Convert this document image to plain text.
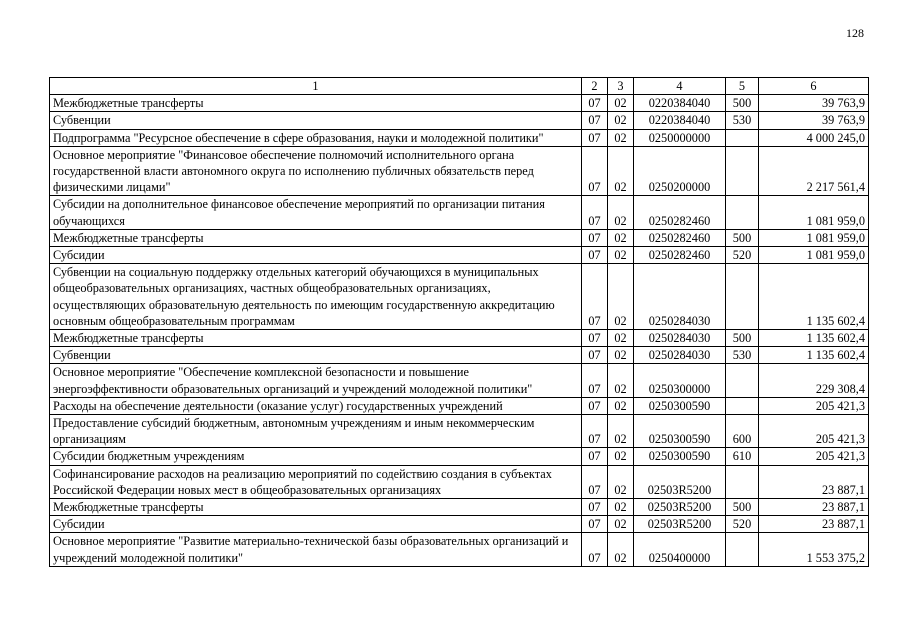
128
1	2	3	4	5	6
Межбюджетные трансферты	07	02	0220384040	500	39 763,9
Субвенции	07	02	0220384040	530	39 763,9
Подпрограмма "Ресурсное обеспечение в сфере образования, науки и молодежной политики"	07	02	0250000000		4 000 245,0
Основное мероприятие "Финансовое обеспечение полномочий исполнительного органа государственной власти автономного округа по исполнению публичных обязательств перед физическими лицами"	07	02	0250200000		2 217 561,4
Субсидии на дополнительное финансовое обеспечение мероприятий по организации питания обучающихся	07	02	0250282460		1 081 959,0
Межбюджетные трансферты	07	02	0250282460	500	1 081 959,0
Субсидии	07	02	0250282460	520	1 081 959,0
Субвенции на социальную поддержку отдельных категорий обучающихся в муниципальных общеобразовательных организациях, частных общеобразовательных организациях, осуществляющих образовательную деятельность по имеющим государственную аккредитацию основным общеобразовательным программам	07	02	0250284030		1 135 602,4
Межбюджетные трансферты	07	02	0250284030	500	1 135 602,4
Субвенции	07	02	0250284030	530	1 135 602,4
Основное мероприятие "Обеспечение комплексной безопасности и повышение энергоэффективности образовательных организаций и учреждений молодежной политики"	07	02	0250300000		229 308,4
Расходы на обеспечение деятельности (оказание услуг) государственных учреждений	07	02	0250300590		205 421,3
Предоставление субсидий бюджетным, автономным учреждениям и иным некоммерческим организациям	07	02	0250300590	600	205 421,3
Субсидии бюджетным учреждениям	07	02	0250300590	610	205 421,3
Софинансирование расходов на реализацию мероприятий по содействию создания в субъектах Российской Федерации новых мест в общеобразовательных организациях	07	02	02503R5200		23 887,1
Межбюджетные трансферты	07	02	02503R5200	500	23 887,1
Субсидии	07	02	02503R5200	520	23 887,1
Основное мероприятие "Развитие материально-технической базы образовательных организаций и учреждений молодежной политики"	07	02	0250400000		1 553 375,2
